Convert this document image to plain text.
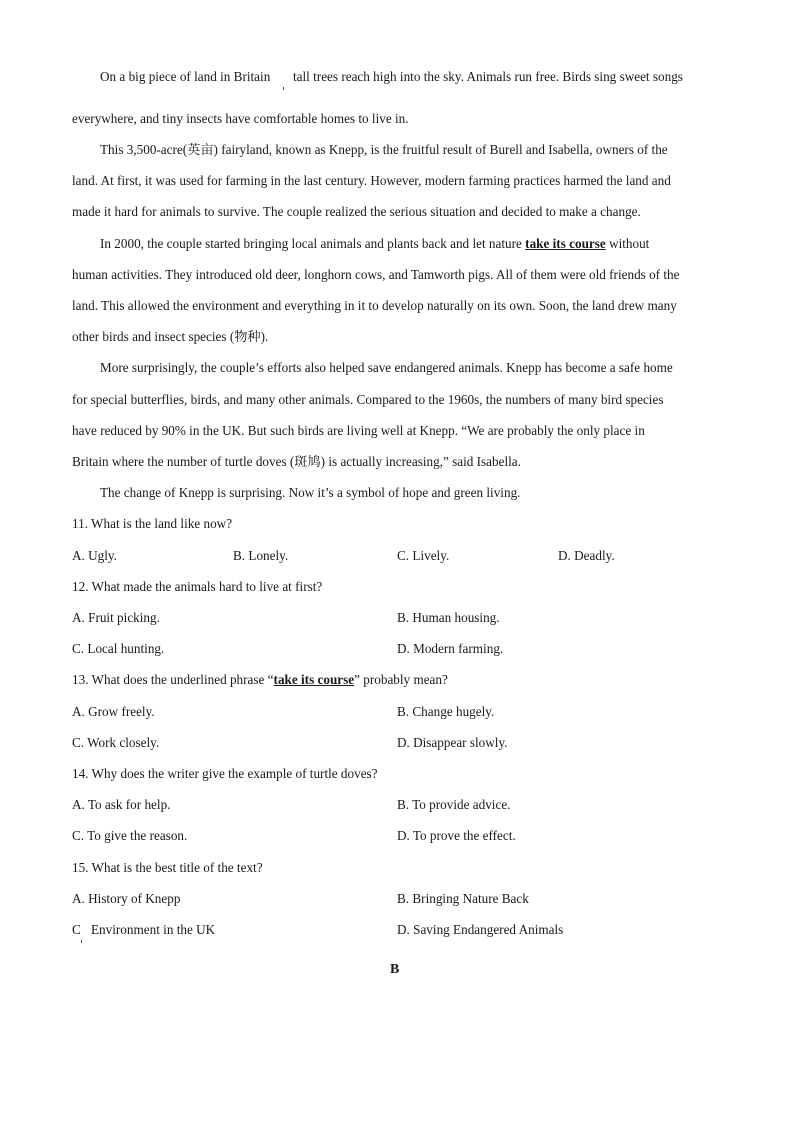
On a big piece of land in Britain tall trees reach high into the sky. Animals run free. Birds sing sweet songs
everywhere, and tiny insects have comfortable homes to live in.
This 3,500-acre(英亩) fairyland, known as Knepp, is the fruitful result of Burell and Isabella, owners of the
land. At first, it was used for farming in the last century. However, modern farming practices harmed the land and
made it hard for animals to survive. The couple realized the serious situation and decided to make a change.
In 2000, the couple started bringing local animals and plants back and let nature take its course without
human activities. They introduced old deer, longhorn cows, and Tamworth pigs. All of them were old friends of the
land. This allowed the environment and everything in it to develop naturally on its own. Soon, the land drew many
other birds and insect species (物种).
More surprisingly, the couple’s efforts also helped save endangered animals. Knepp has become a safe home
for special butterflies, birds, and many other animals. Compared to the 1960s, the numbers of many bird species
have reduced by 90% in the UK. But such birds are living well at Knepp. “We are probably the only place in
Britain where the number of turtle doves (斑鸠) is actually increasing,” said Isabella.
The change of Knepp is surprising. Now it’s a symbol of hope and green living.
11. What is the land like now?
A. Ugly.	B. Lonely.	C. Lively.	D. Deadly.
12. What made the animals hard to live at first?
A. Fruit picking.	B. Human housing.
C. Local hunting.	D. Modern farming.
13. What does the underlined phrase “take its course” probably mean?
A. Grow freely.	B. Change hugely.
C. Work closely.	D. Disappear slowly.
14. Why does the writer give the example of turtle doves?
A. To ask for help.	B. To provide advice.
C. To give the reason.	D. To prove the effect.
15. What is the best title of the text?
A. History of Knepp	B. Bringing Nature Back
C Environment in the UK	D. Saving Endangered Animals
B
